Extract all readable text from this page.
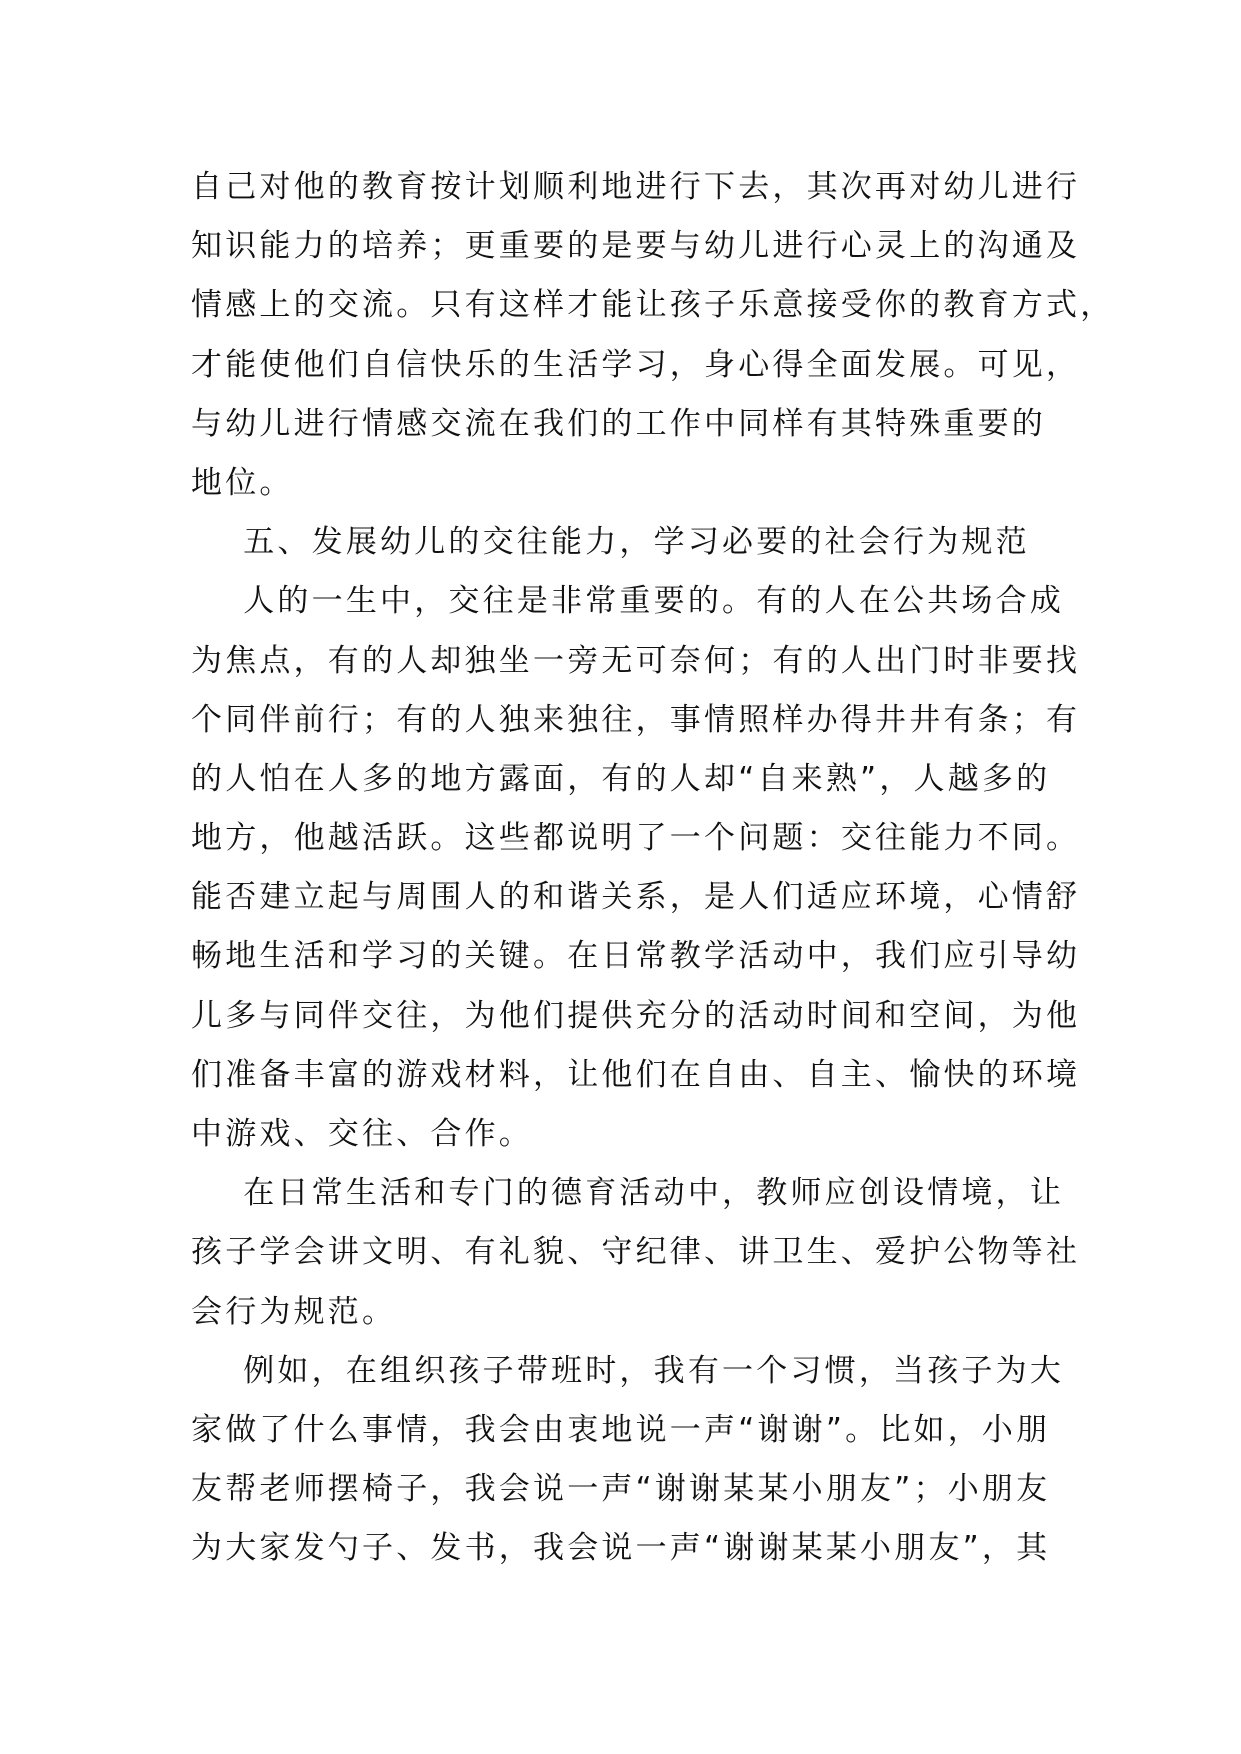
自己对他的教育按计划顺利地进行下去，其次再对幼儿进行
知识能力的培养；更重要的是要与幼儿进行心灵上的沟通及
情感上的交流。只有这样才能让孩子乐意接受你的教育方式，
才能使他们自信快乐的生活学习，身心得全面发展。可见，
与幼儿进行情感交流在我们的工作中同样有其特殊重要的
地位。
五、发展幼儿的交往能力，学习必要的社会行为规范
人的一生中，交往是非常重要的。有的人在公共场合成
为焦点，有的人却独坐一旁无可奈何；有的人出门时非要找
个同伴前行；有的人独来独往，事情照样办得井井有条；有
的人怕在人多的地方露面，有的人却“自来熟”，人越多的
地方，他越活跃。这些都说明了一个问题：交往能力不同。
能否建立起与周围人的和谐关系，是人们适应环境，心情舒
畅地生活和学习的关键。在日常教学活动中，我们应引导幼
儿多与同伴交往，为他们提供充分的活动时间和空间，为他
们准备丰富的游戏材料，让他们在自由、自主、愉快的环境
中游戏、交往、合作。
在日常生活和专门的德育活动中，教师应创设情境，让
孩子学会讲文明、有礼貌、守纪律、讲卫生、爱护公物等社
会行为规范。
例如，在组织孩子带班时，我有一个习惯，当孩子为大
家做了什么事情，我会由衷地说一声“谢谢”。比如，小朋
友帮老师摆椅子，我会说一声“谢谢某某小朋友”；小朋友
为大家发勺子、发书，我会说一声“谢谢某某小朋友”，其
